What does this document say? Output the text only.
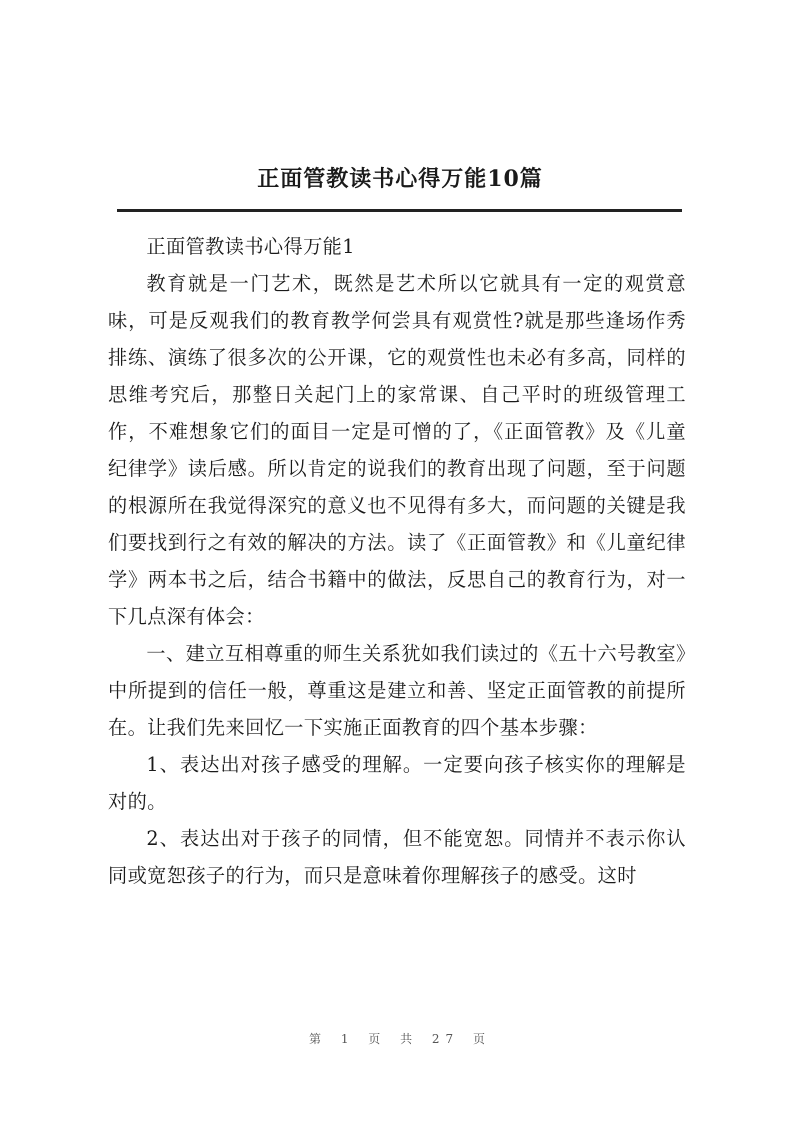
正面管教读书心得万能10篇

正面管教读书心得万能1

教育就是一门艺术，既然是艺术所以它就具有一定的观赏意味，可是反观我们的教育教学何尝具有观赏性?就是那些逢场作秀排练、演练了很多次的公开课，它的观赏性也未必有多高，同样的思维考究后，那整日关起门上的家常课、自己平时的班级管理工作，不难想象它们的面目一定是可憎的了，《正面管教》及《儿童纪律学》读后感。所以肯定的说我们的教育出现了问题，至于问题的根源所在我觉得深究的意义也不见得有多大，而问题的关键是我们要找到行之有效的解决的方法。读了《正面管教》和《儿童纪律学》两本书之后，结合书籍中的做法，反思自己的教育行为，对一下几点深有体会：

一、建立互相尊重的师生关系犹如我们读过的《五十六号教室》中所提到的信任一般，尊重这是建立和善、坚定正面管教的前提所在。让我们先来回忆一下实施正面教育的四个基本步骤：

1、表达出对孩子感受的理解。一定要向孩子核实你的理解是对的。

2、表达出对于孩子的同情，但不能宽恕。同情并不表示你认同或宽恕孩子的行为，而只是意味着你理解孩子的感受。这时

第 1 页 共 27 页
